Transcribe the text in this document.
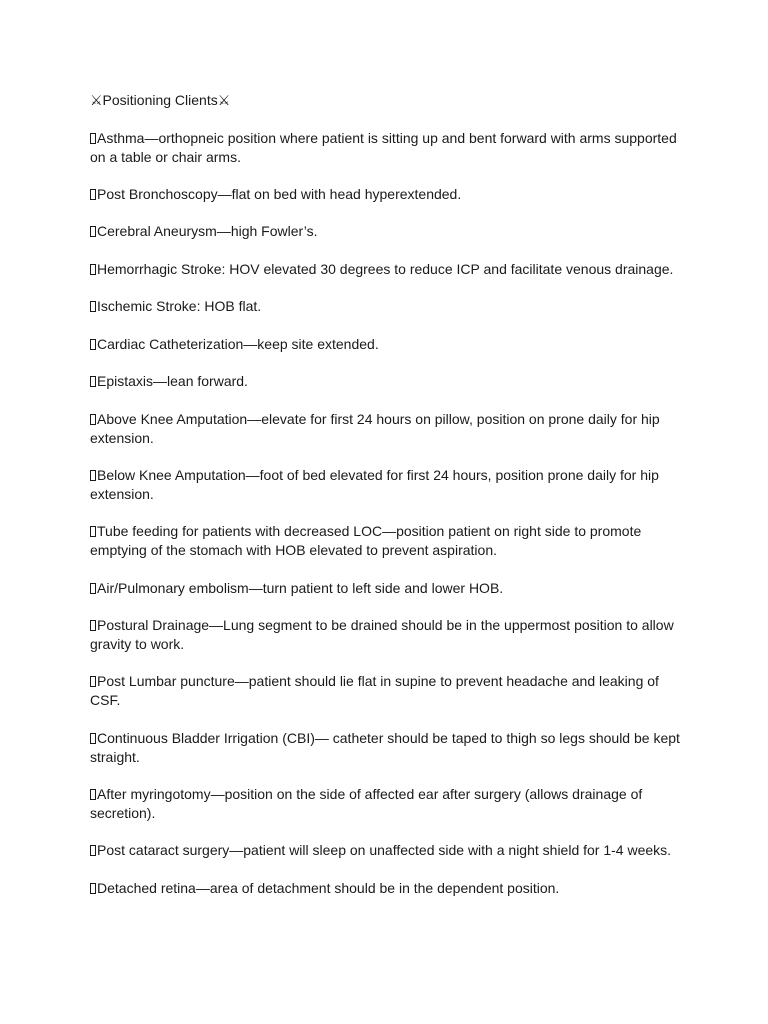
⚔Positioning Clients⚔
Asthma—orthopneic position where patient is sitting up and bent forward with arms supported on a table or chair arms.
Post Bronchoscopy—flat on bed with head hyperextended.
Cerebral Aneurysm—high Fowler’s.
Hemorrhagic Stroke: HOV elevated 30 degrees to reduce ICP and facilitate venous drainage.
Ischemic Stroke: HOB flat.
Cardiac Catheterization—keep site extended.
Epistaxis—lean forward.
Above Knee Amputation—elevate for first 24 hours on pillow, position on prone daily for hip extension.
Below Knee Amputation—foot of bed elevated for first 24 hours, position prone daily for hip extension.
Tube feeding for patients with decreased LOC—position patient on right side to promote emptying of the stomach with HOB elevated to prevent aspiration.
Air/Pulmonary embolism—turn patient to left side and lower HOB.
Postural Drainage—Lung segment to be drained should be in the uppermost position to allow gravity to work.
Post Lumbar puncture—patient should lie flat in supine to prevent headache and leaking of CSF.
Continuous Bladder Irrigation (CBI)— catheter should be taped to thigh so legs should be kept straight.
After myringotomy—position on the side of affected ear after surgery (allows drainage of secretion).
Post cataract surgery—patient will sleep on unaffected side with a night shield for 1-4 weeks.
Detached retina—area of detachment should be in the dependent position.
